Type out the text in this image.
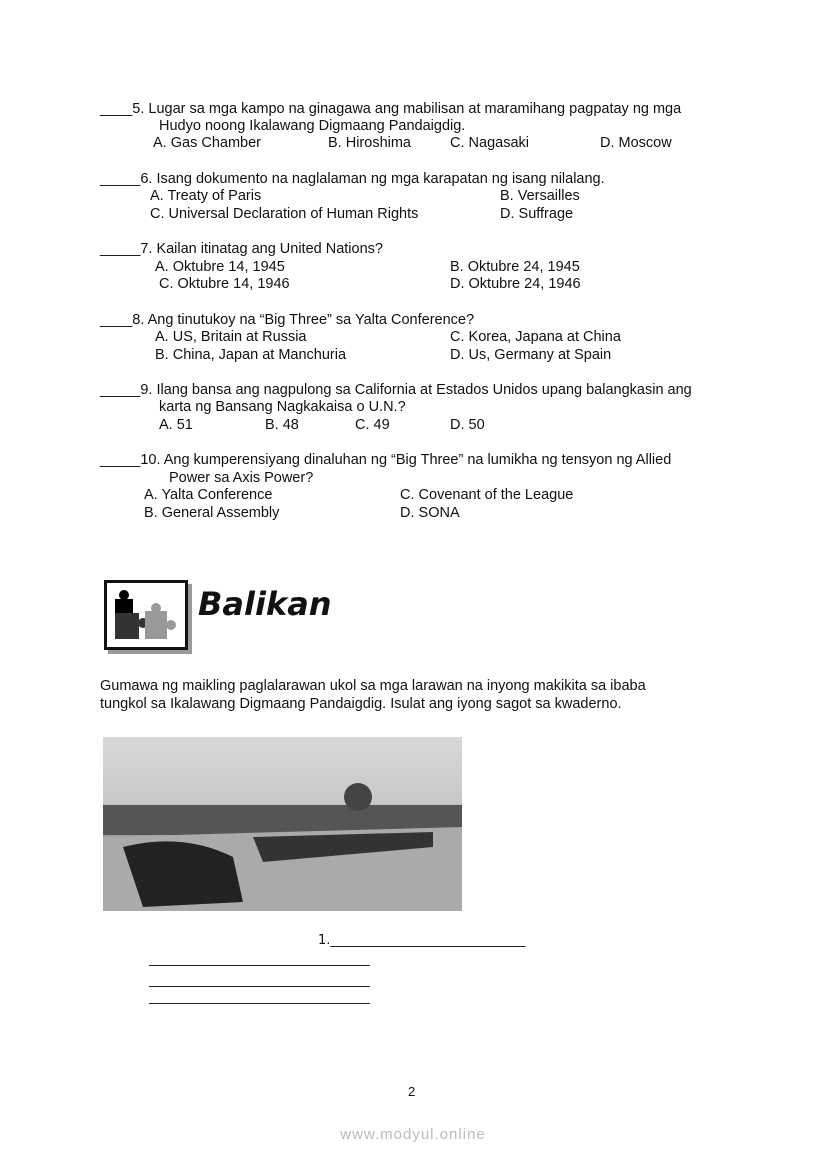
____5. Lugar sa mga kampo na ginagawa ang mabilisan at maramihang pagpatay ng mga
Hudyo noong Ikalawang Digmaang Pandaigdig.
A. Gas Chamber	B. Hiroshima	C. Nagasaki	D. Moscow
_____6. Isang dokumento na naglalaman ng mga karapatan ng isang nilalang.
A. Treaty of Paris	B. Versailles
C. Universal Declaration of Human Rights	D. Suffrage
_____7. Kailan itinatag ang United Nations?
A. Oktubre 14, 1945	B. Oktubre 24, 1945
C. Oktubre 14, 1946	D. Oktubre 24, 1946
____8. Ang tinutukoy na “Big Three” sa Yalta Conference?
A. US, Britain at Russia	C. Korea, Japana at China
B. China, Japan at Manchuria	D. Us, Germany at Spain
_____9. Ilang bansa ang nagpulong sa California at Estados Unidos upang balangkasin ang
karta ng Bansang Nagkakaisa o U.N.?
A. 51	B. 48	C. 49	D. 50
_____10. Ang kumperensiyang dinaluhan ng “Big Three” na lumikha ng tensyon ng Allied
Power sa Axis Power?
A. Yalta Conference	C. Covenant of the League
B. General Assembly	D. SONA
Balikan
Gumawa ng maikling paglalarawan ukol sa mga larawan na inyong makikita sa ibaba
tungkol sa Ikalawang Digmaang Pandaigdig. Isulat ang iyong sagot sa kwaderno.
1.______________________________
2
www.modyul.online
